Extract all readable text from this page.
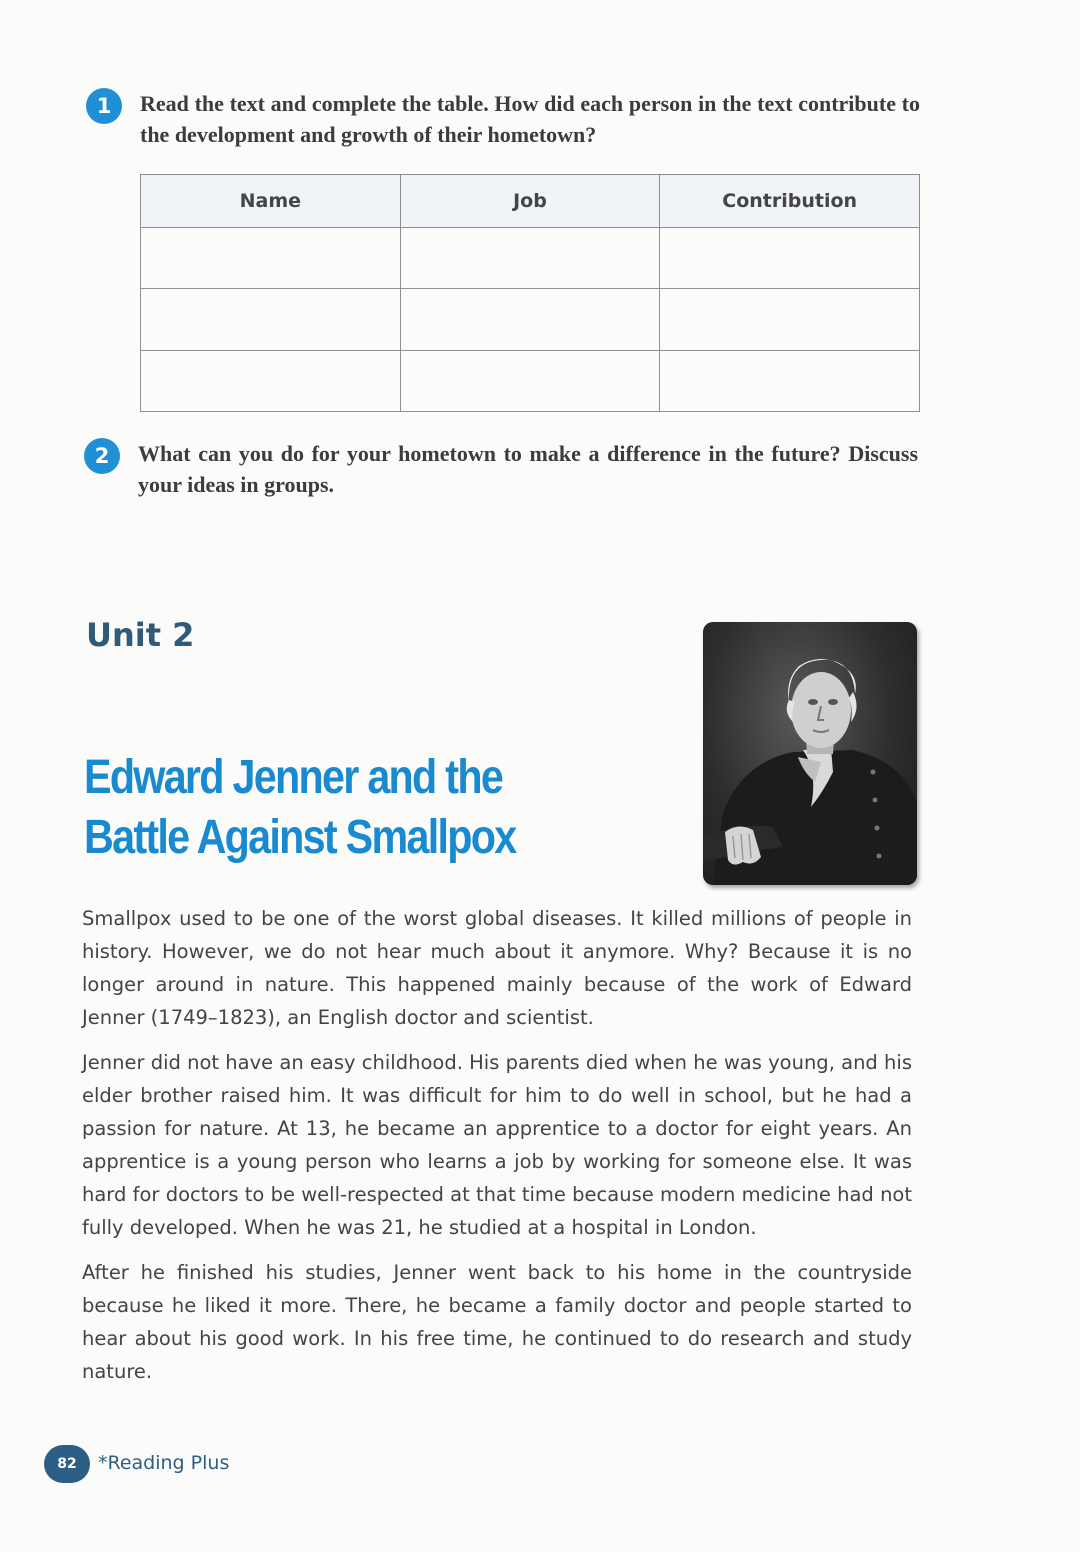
1	Read the text and complete the table. How did each person in the text contribute to the development and growth of their hometown?
Name	Job	Contribution

2	What can you do for your hometown to make a difference in the future? Discuss your ideas in groups.
Unit 2
Edward Jenner and the
Battle Against Smallpox

Smallpox used to be one of the worst global diseases. It killed millions of people in history. However, we do not hear much about it anymore. Why? Because it is no longer around in nature. This happened mainly because of the work of Edward Jenner (1749–1823), an English doctor and scientist.

Jenner did not have an easy childhood. His parents died when he was young, and his elder brother raised him. It was difficult for him to do well in school, but he had a passion for nature. At 13, he became an apprentice to a doctor for eight years. An apprentice is a young person who learns a job by working for someone else. It was hard for doctors to be well-respected at that time because modern medicine had not fully developed. When he was 21, he studied at a hospital in London.

After he finished his studies, Jenner went back to his home in the countryside because he liked it more. There, he became a family doctor and people started to hear about his good work. In his free time, he continued to do research and study nature.

82	*Reading Plus
